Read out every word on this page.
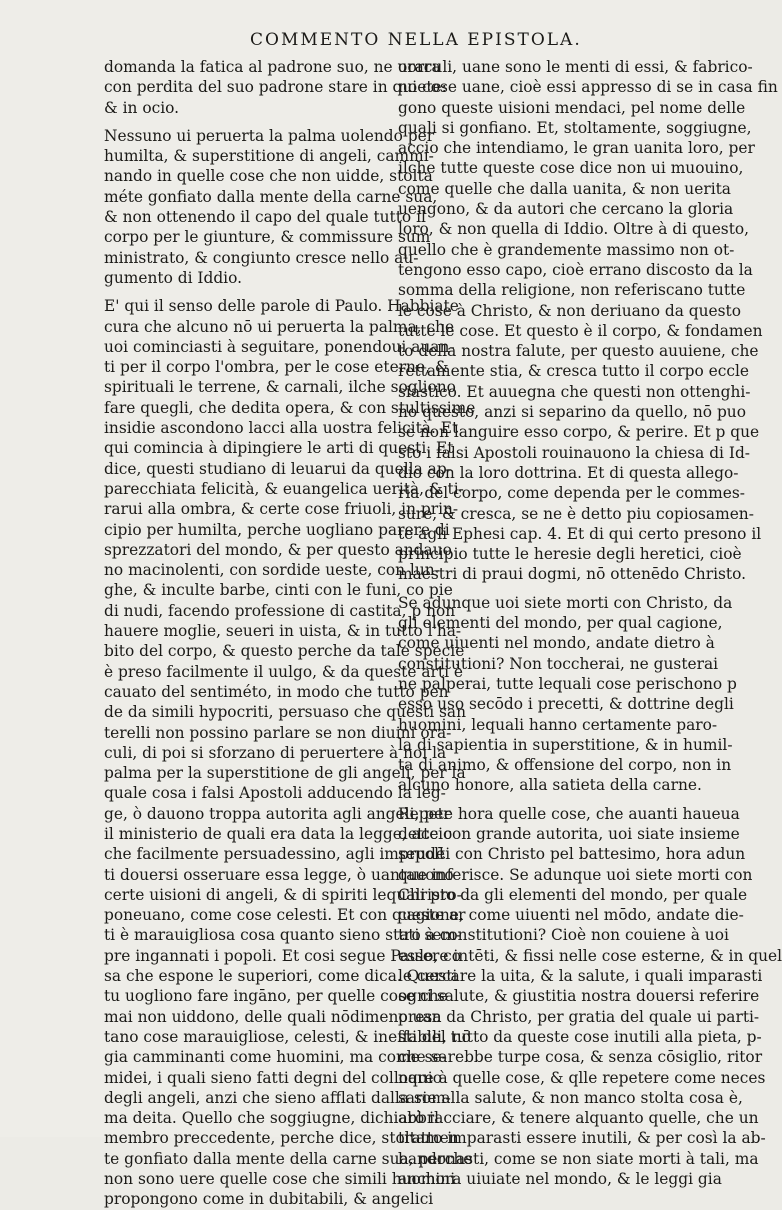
COMMENTO NELLA EPISTOLA.
domanda la fatica al padrone suo, ne uorra
con perdita del suo padrone stare in quiete:
& in ocio.
Nessuno ui peruerta la palma uolendo per
humilta, & superstitione di angeli, cammi-
nando in quelle cose che non uidde, stolta
méte gonfiato dalla mente della carne sua,
& non ottenendo il capo del quale tutto il
corpo per le giunture, & commissure sum
ministrato, & congiunto cresce nello au-
gumento di Iddio.
E' qui il senso delle parole di Paulo. Habbiate
cura che alcuno nō ui peruerta la palma, che
uoi cominciasti à seguitare, ponendoui auan-
ti per il corpo l'ombra, per le cose eterne, &
spirituali le terrene, & carnali, ilche sogliono
fare quegli, che dedita opera, & con stultissime
insidie ascondono lacci alla uostra felicità. Et
qui comincia à dipingiere le arti di questi. Et
dice, questi studiano di leuarui da quella ap-
parecchiata felicità, & euangelica uerità, & ti-
rarui alla ombra, & certe cose friuoli, in prin-
cipio per humilta, perche uogliano parere di
sprezzatori del mondo, & per questo andauo
no macinolenti, con sordide ueste, con lun-
ghe, & inculte barbe, cinti con le funi, co pie
di nudi, facendo professione di castita, p non
hauere moglie, seueri in uista, & in tutto l'ha-
bito del corpo, & questo perche da tale specie
è preso facilmente il uulgo, & da queste arti è
cauato del sentiméto, in modo che tutto pen
de da simili hypocriti, persuaso che questi san
terelli non possino parlare se non diuini ora-
culi, di poi si sforzano di peruertere à noi la
palma per la superstitione de gli angeli, per la
quale cosa i falsi Apostoli adducendo la leg-
ge, ò dauono troppa autorita agli angeli, per
il ministerio de quali era data la legge, accio
che facilmente persuadessino, agli imprudē
ti douersi osseruare essa legge, ò uantauono
certe uisioni di angeli, & di spiriti lequali pro-
poneuano, come cose celesti. Et con queste ar
ti è marauigliosa cosa quanto sieno stati sem-
pre ingannati i popoli. Et cosi segue Paulo, co
sa che espone le superiori, come dica. Questi
tu uogliono fare ingāno, per quelle cose che
mai non uiddono, delle quali nōdimeno uan
tano cose marauigliose, celesti, & ineffabili, nō
gia camminanti come huomini, ma come se-
midei, i quali sieno fatti degni del colloquio
degli angeli, anzi che sieno afflati dalla som-
ma deita. Quello che soggiugne, dichiarò il
membro preccedente, perche dice, stoltamen
te gonfiato dalla mente della carne sua, perche
non sono uere quelle cose che simili huomini
propongono come in dubitabili, & angelici
oraculi, uane sono le menti di essi, & fabrico-
no cose uane, cioè essi appresso di se in casa fin
gono queste uisioni mendaci, pel nome delle
quali si gonfiano. Et, stoltamente, soggiugne,
accio che intendiamo, le gran uanita loro, per
ilche tutte queste cose dice non ui muouino,
come quelle che dalla uanita, & non uerita
uengono, & da autori che cercano la gloria
loro, & non quella di Iddio. Oltre à di questo,
quello che è grandemente massimo non ot-
tengono esso capo, cioè errano discosto da la
somma della religione, non referiscano tutte
le cose à Christo, & non deriuano da questo
tutte le cose. Et questo è il corpo, & fondamen
to della nostra falute, per questo auuiene, che
rettamente stia, & cresca tutto il corpo eccle
siastico. Et auuegna che questi non ottenghi-
no questo, anzi si separino da quello, nō puo
se non languire esso corpo, & perire. Et p que
sto i falsi Apostoli rouinauono la chiesa di Id-
dio con la loro dottrina. Et di questa allego-
ria del corpo, come dependa per le commes-
sure, & cresca, se ne è detto piu copiosamen-
te agli Ephesi cap. 4. Et di qui certo presono il
principio tutte le heresie degli heretici, cioè
maestri di praui dogmi, nō ottenēdo Christo.
Se adunque uoi siete morti con Christo, da
gli elementi del mondo, per qual cagione,
come uiuenti nel mondo, andate dietro à
constitutioni? Non toccherai, ne gusterai
ne palperai, tutte lequali cose perischono p
esso uso secōdo i precetti, & dottrine degli
huomini, lequali hanno certamente paro-
la di sapientia in superstitione, & in humil-
ta di animo, & offensione del corpo, non in
alcuno honore, alla satieta della carne.
Repete hora quelle cose, che auanti haueua
dette con grande autorita, uoi siate insieme
sepolti con Christo pel battesimo, hora adun
que inferisce. Se adunque uoi siete morti con
Christo da gli elementi del mondo, per quale
cagione, come uiuenti nel mōdo, andate die-
tro à constitutioni? Cioè non couiene à uoi
essere intēti, & fissi nelle cose esterne, & in quel
le cercare la uita, & la salute, i quali imparasti
ogni salute, & giustitia nostra douersi referire
presa da Christo, per gratia del quale ui parti-
sti del tutto da queste cose inutili alla pieta, p-
che sarebbe turpe cosa, & senza cōsiglio, ritor
nare à quelle cose, & qlle repetere come neces
sarie alla salute, & non manco stolta cosa è,
abbracciare, & tenere alquanto quelle, che un
tratto imparasti essere inutili, & per così la ab-
bandonasti, come se non siate morti à tali, ma
anchora uiuiate nel mondo, & le leggi gia
